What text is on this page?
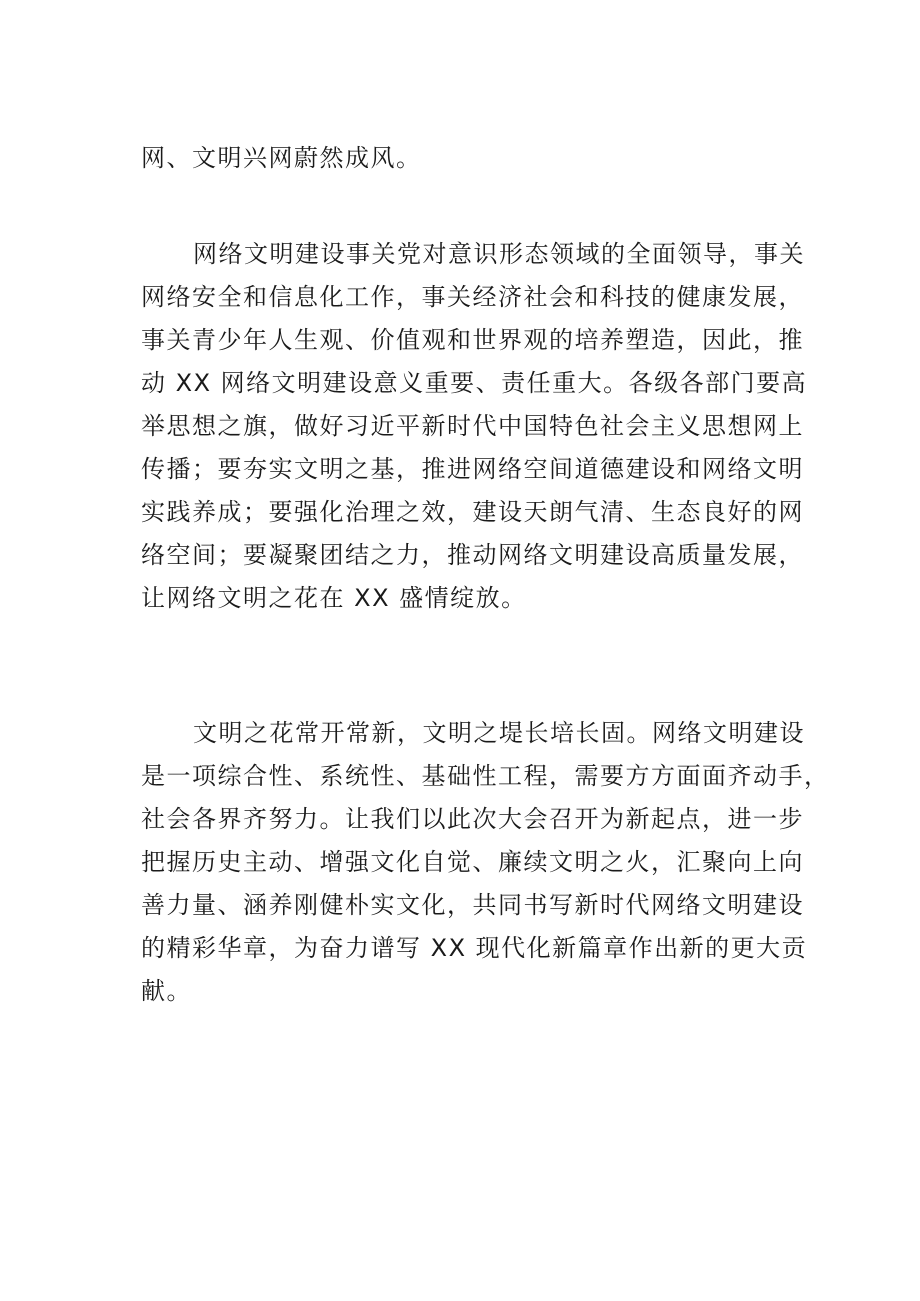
网、文明兴网蔚然成风。
网络文明建设事关党对意识形态领域的全面领导，事关
网络安全和信息化工作，事关经济社会和科技的健康发展，
事关青少年人生观、价值观和世界观的培养塑造，因此，推
动 XX 网络文明建设意义重要、责任重大。各级各部门要高
举思想之旗，做好习近平新时代中国特色社会主义思想网上
传播；要夯实文明之基，推进网络空间道德建设和网络文明
实践养成；要强化治理之效，建设天朗气清、生态良好的网
络空间；要凝聚团结之力，推动网络文明建设高质量发展，
让网络文明之花在 XX 盛情绽放。
文明之花常开常新，文明之堤长培长固。网络文明建设
是一项综合性、系统性、基础性工程，需要方方面面齐动手，
社会各界齐努力。让我们以此次大会召开为新起点，进一步
把握历史主动、增强文化自觉、廉续文明之火，汇聚向上向
善力量、涵养刚健朴实文化，共同书写新时代网络文明建设
的精彩华章，为奋力谱写 XX 现代化新篇章作出新的更大贡
献。
